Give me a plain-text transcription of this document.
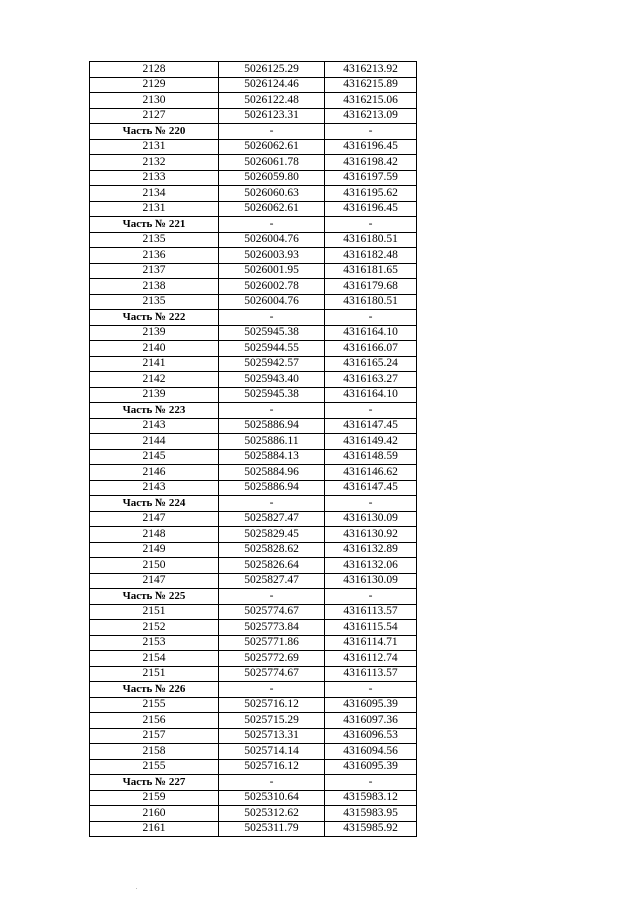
2128	5026125.29	4316213.92
2129	5026124.46	4316215.89
2130	5026122.48	4316215.06
2127	5026123.31	4316213.09
Часть № 220	-	-
2131	5026062.61	4316196.45
2132	5026061.78	4316198.42
2133	5026059.80	4316197.59
2134	5026060.63	4316195.62
2131	5026062.61	4316196.45
Часть № 221	-	-
2135	5026004.76	4316180.51
2136	5026003.93	4316182.48
2137	5026001.95	4316181.65
2138	5026002.78	4316179.68
2135	5026004.76	4316180.51
Часть № 222	-	-
2139	5025945.38	4316164.10
2140	5025944.55	4316166.07
2141	5025942.57	4316165.24
2142	5025943.40	4316163.27
2139	5025945.38	4316164.10
Часть № 223	-	-
2143	5025886.94	4316147.45
2144	5025886.11	4316149.42
2145	5025884.13	4316148.59
2146	5025884.96	4316146.62
2143	5025886.94	4316147.45
Часть № 224	-	-
2147	5025827.47	4316130.09
2148	5025829.45	4316130.92
2149	5025828.62	4316132.89
2150	5025826.64	4316132.06
2147	5025827.47	4316130.09
Часть № 225	-	-
2151	5025774.67	4316113.57
2152	5025773.84	4316115.54
2153	5025771.86	4316114.71
2154	5025772.69	4316112.74
2151	5025774.67	4316113.57
Часть № 226	-	-
2155	5025716.12	4316095.39
2156	5025715.29	4316097.36
2157	5025713.31	4316096.53
2158	5025714.14	4316094.56
2155	5025716.12	4316095.39
Часть № 227	-	-
2159	5025310.64	4315983.12
2160	5025312.62	4315983.95
2161	5025311.79	4315985.92
